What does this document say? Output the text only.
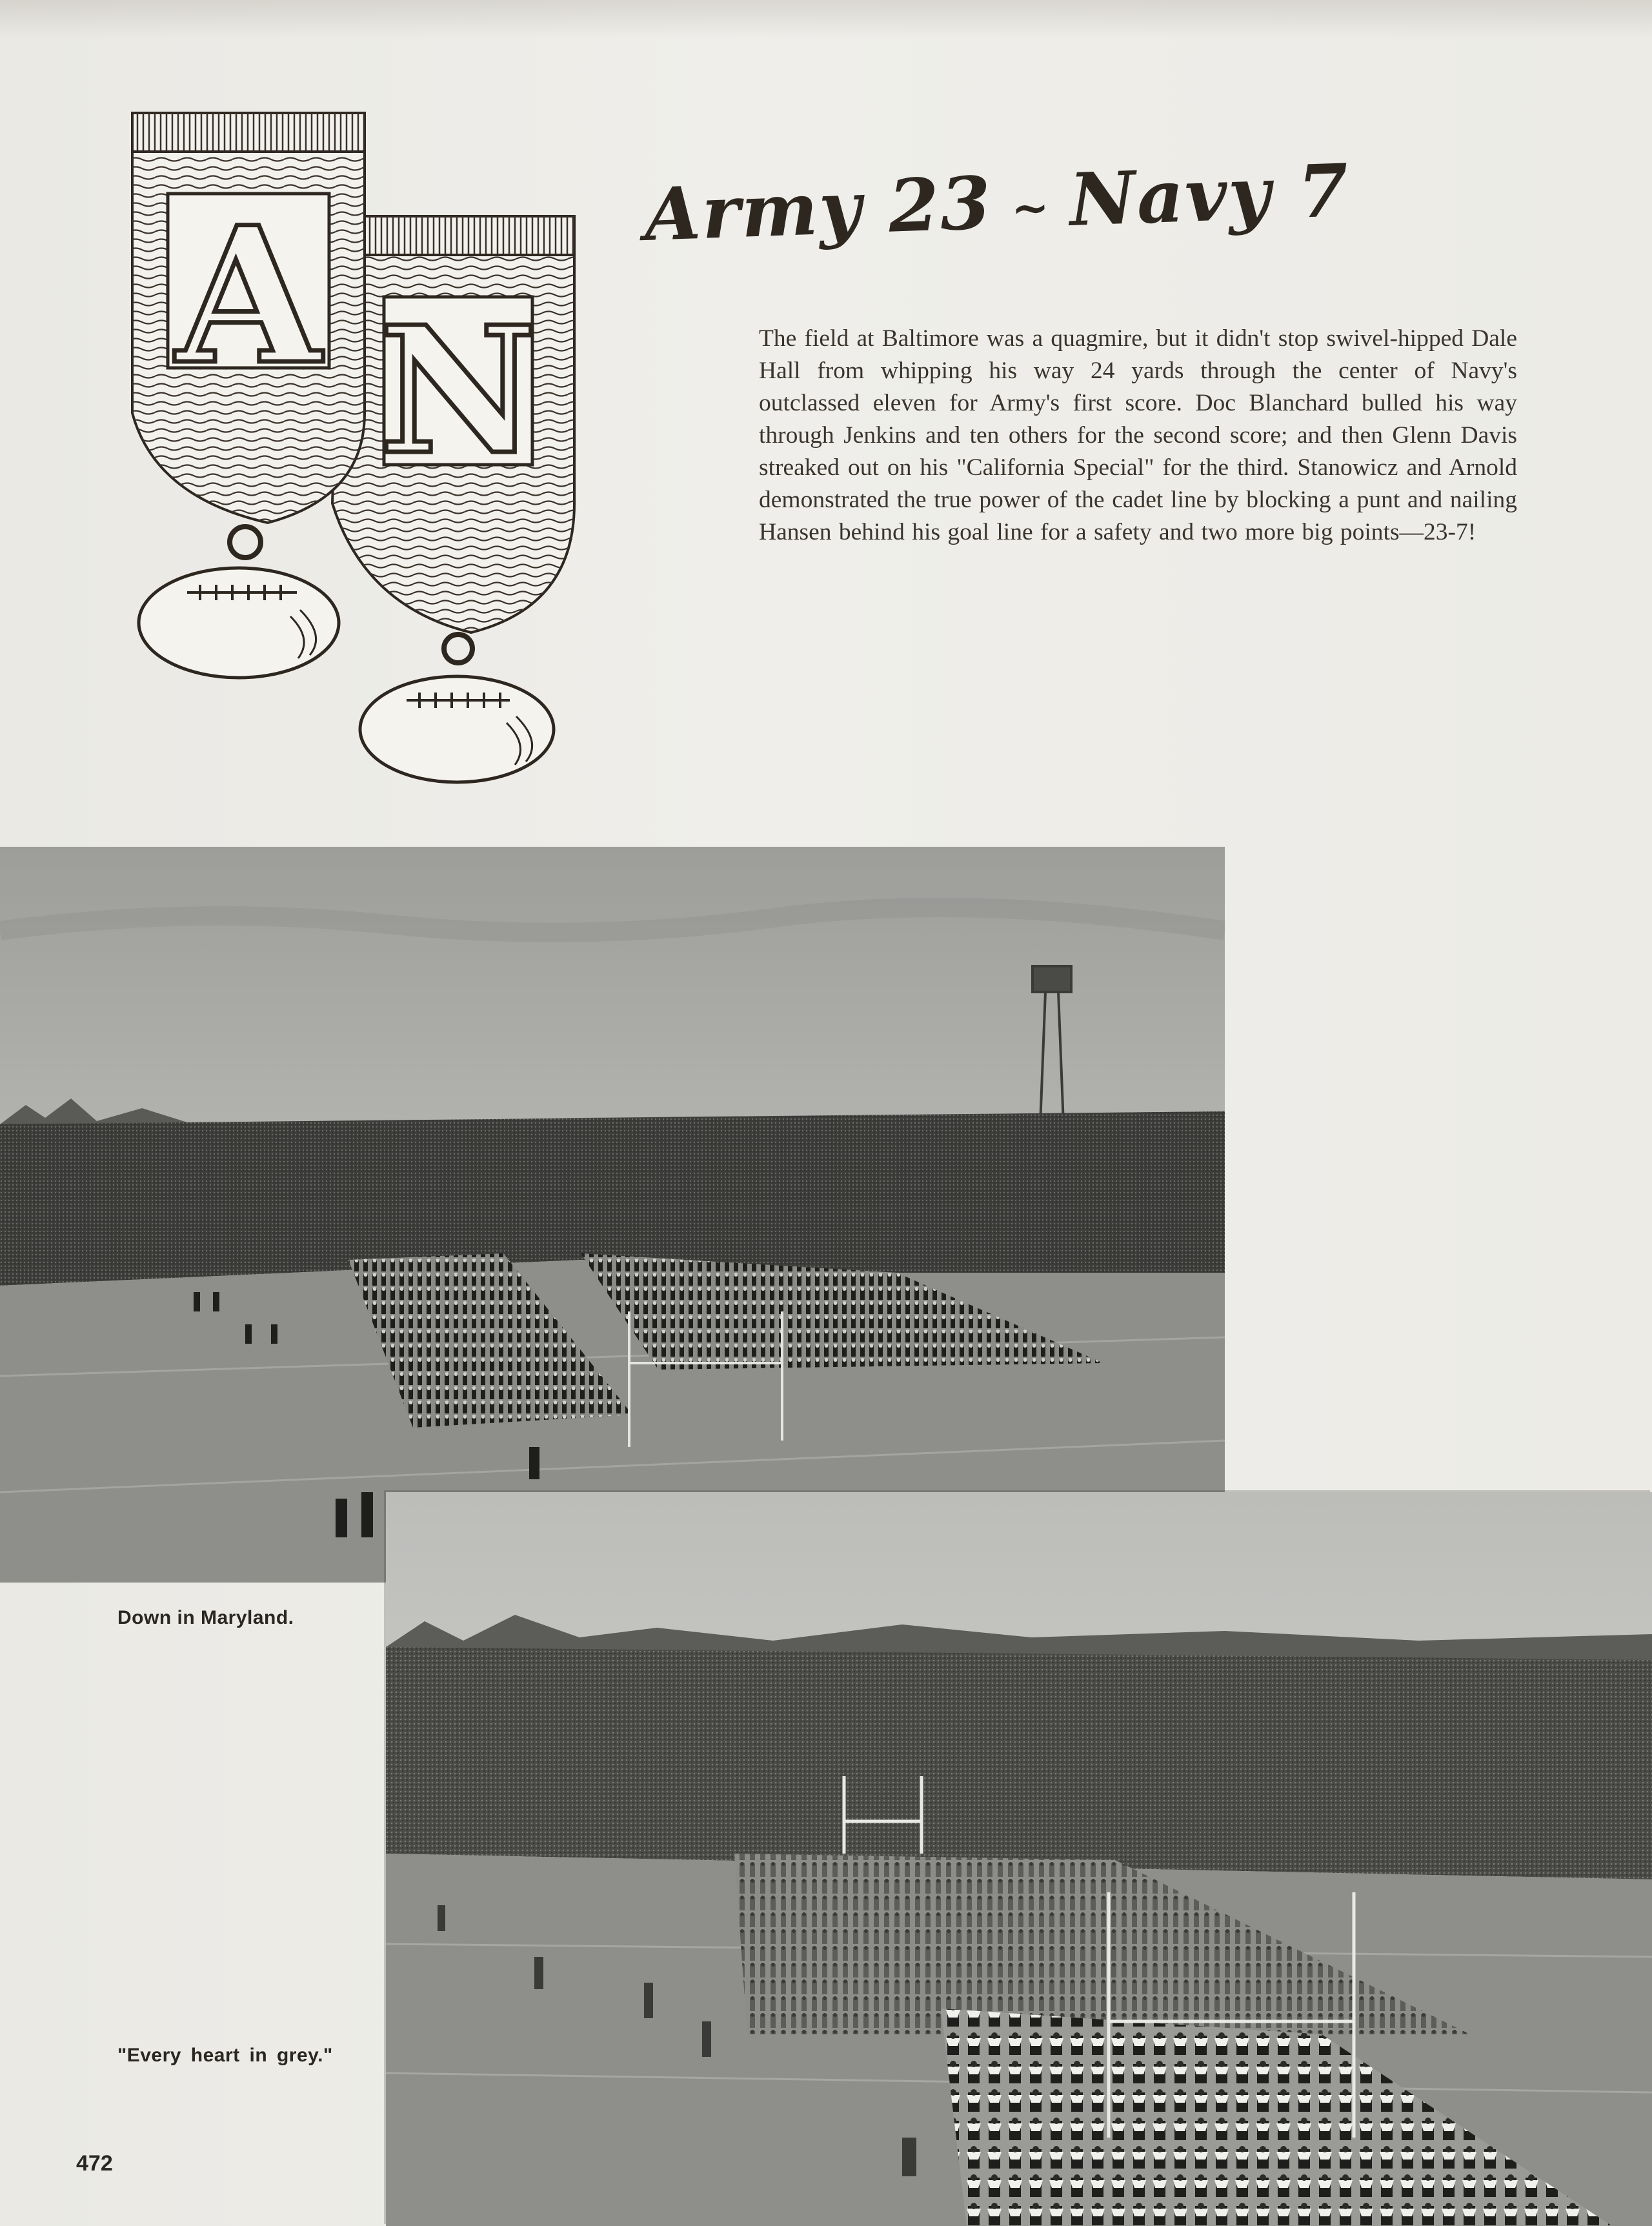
N
A	Army 23 ~ Navy 7
The field at Baltimore was a quagmire, but it didn't stop swivel-hipped Dale Hall from whipping his way 24 yards through the center of Navy's outclassed eleven for Army's first score. Doc Blanchard bulled his way through Jenkins and ten others for the second score; and then Glenn Davis streaked out on his "California Special" for the third. Stanowicz and Arnold demonstrated the true power of the cadet line by blocking a punt and nailing Hansen behind his goal line for a safety and two more big points—23-7!
Down in Maryland.
"Every heart in grey."
472
